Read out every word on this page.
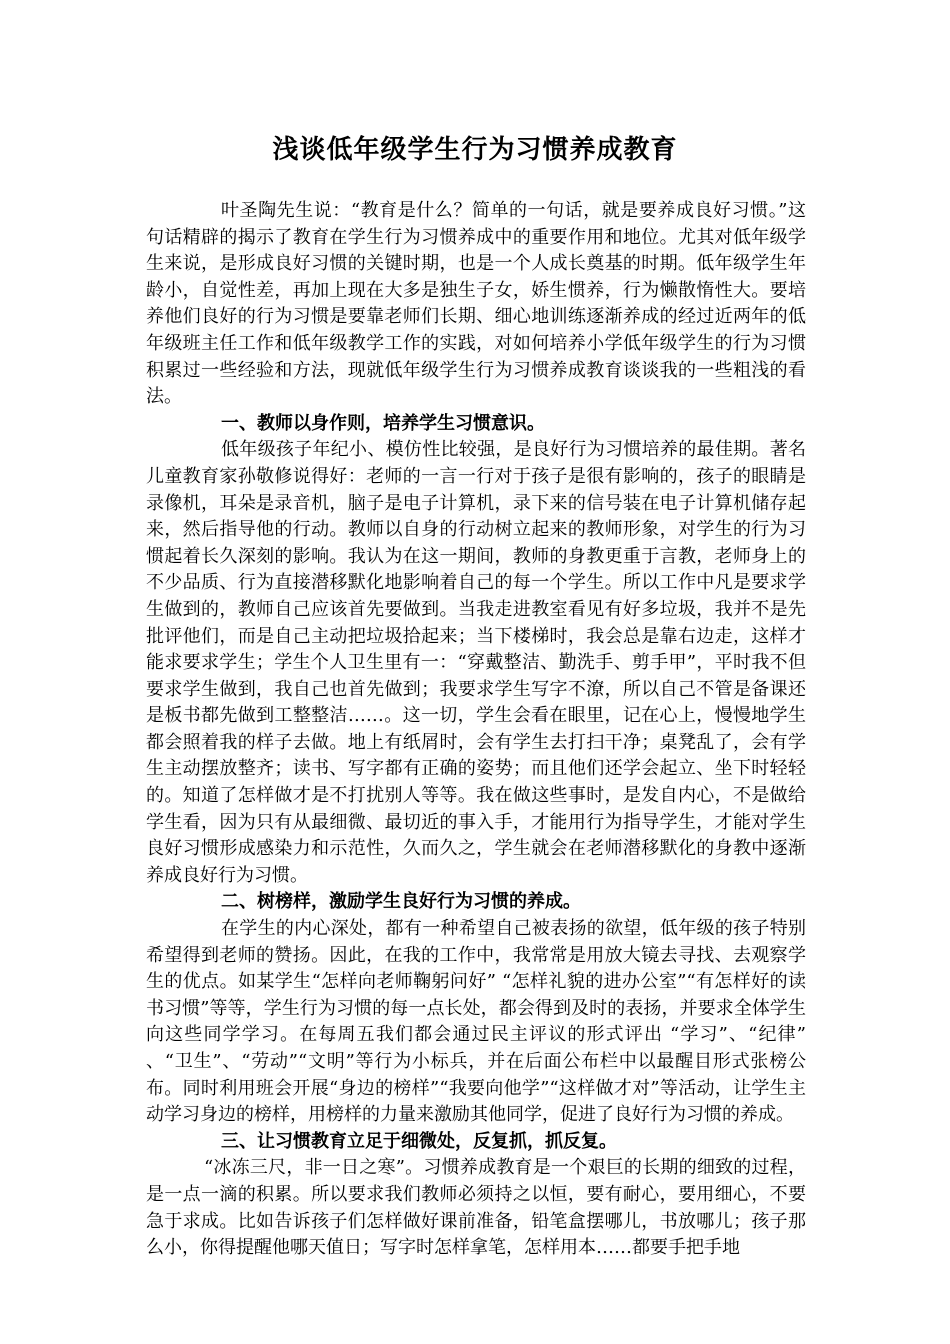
浅谈低年级学生行为习惯养成教育

叶圣陶先生说：“教育是什么？简单的一句话，就是要养成良好习惯。”这句话精辟的揭示了教育在学生行为习惯养成中的重要作用和地位。尤其对低年级学生来说，是形成良好习惯的关键时期，也是一个人成长奠基的时期。低年级学生年龄小，自觉性差，再加上现在大多是独生子女，娇生惯养，行为懒散惰性大。要培养他们良好的行为习惯是要靠老师们长期、细心地训练逐渐养成的经过近两年的低年级班主任工作和低年级教学工作的实践，对如何培养小学低年级学生的行为习惯积累过一些经验和方法，现就低年级学生行为习惯养成教育谈谈我的一些粗浅的看法。

一、教师以身作则，培养学生习惯意识。

低年级孩子年纪小、模仿性比较强，是良好行为习惯培养的最佳期。著名儿童教育家孙敬修说得好：老师的一言一行对于孩子是很有影响的，孩子的眼睛是录像机，耳朵是录音机，脑子是电子计算机，录下来的信号装在电子计算机储存起来，然后指导他的行动。教师以自身的行动树立起来的教师形象，对学生的行为习惯起着长久深刻的影响。我认为在这一期间，教师的身教更重于言教，老师身上的不少品质、行为直接潜移默化地影响着自己的每一个学生。所以工作中凡是要求学生做到的，教师自己应该首先要做到。当我走进教室看见有好多垃圾，我并不是先批评他们，而是自己主动把垃圾拾起来；当下楼梯时，我会总是靠右边走，这样才能求要求学生；学生个人卫生里有一：“穿戴整洁、勤洗手、剪手甲”，平时我不但要求学生做到，我自己也首先做到；我要求学生写字不潦，所以自己不管是备课还是板书都先做到工整整洁……。这一切，学生会看在眼里，记在心上，慢慢地学生都会照着我的样子去做。地上有纸屑时，会有学生去打扫干净；桌凳乱了，会有学生主动摆放整齐；读书、写字都有正确的姿势；而且他们还学会起立、坐下时轻轻的。知道了怎样做才是不打扰别人等等。我在做这些事时，是发自内心，不是做给学生看，因为只有从最细微、最切近的事入手，才能用行为指导学生，才能对学生良好习惯形成感染力和示范性，久而久之，学生就会在老师潜移默化的身教中逐渐养成良好行为习惯。

二、树榜样，激励学生良好行为习惯的养成。

在学生的内心深处，都有一种希望自己被表扬的欲望，低年级的孩子特别希望得到老师的赞扬。因此，在我的工作中，我常常是用放大镜去寻找、去观察学生的优点。如某学生“怎样向老师鞠躬问好” “怎样礼貌的进办公室”“有怎样好的读书习惯”等等，学生行为习惯的每一点长处，都会得到及时的表扬，并要求全体学生向这些同学学习。在每周五我们都会通过民主评议的形式评出 “学习”、“纪律” 、“卫生”、“劳动”“文明”等行为小标兵，并在后面公布栏中以最醒目形式张榜公布。同时利用班会开展“身边的榜样”“我要向他学”“这样做才对”等活动，让学生主动学习身边的榜样，用榜样的力量来激励其他同学，促进了良好行为习惯的养成。

三、让习惯教育立足于细微处，反复抓，抓反复。

“冰冻三尺，非一日之寒”。习惯养成教育是一个艰巨的长期的细致的过程，是一点一滴的积累。所以要求我们教师必须持之以恒，要有耐心，要用细心，不要急于求成。比如告诉孩子们怎样做好课前准备，铅笔盒摆哪儿，书放哪儿；孩子那么小，你得提醒他哪天值日；写字时怎样拿笔，怎样用本……都要手把手地
